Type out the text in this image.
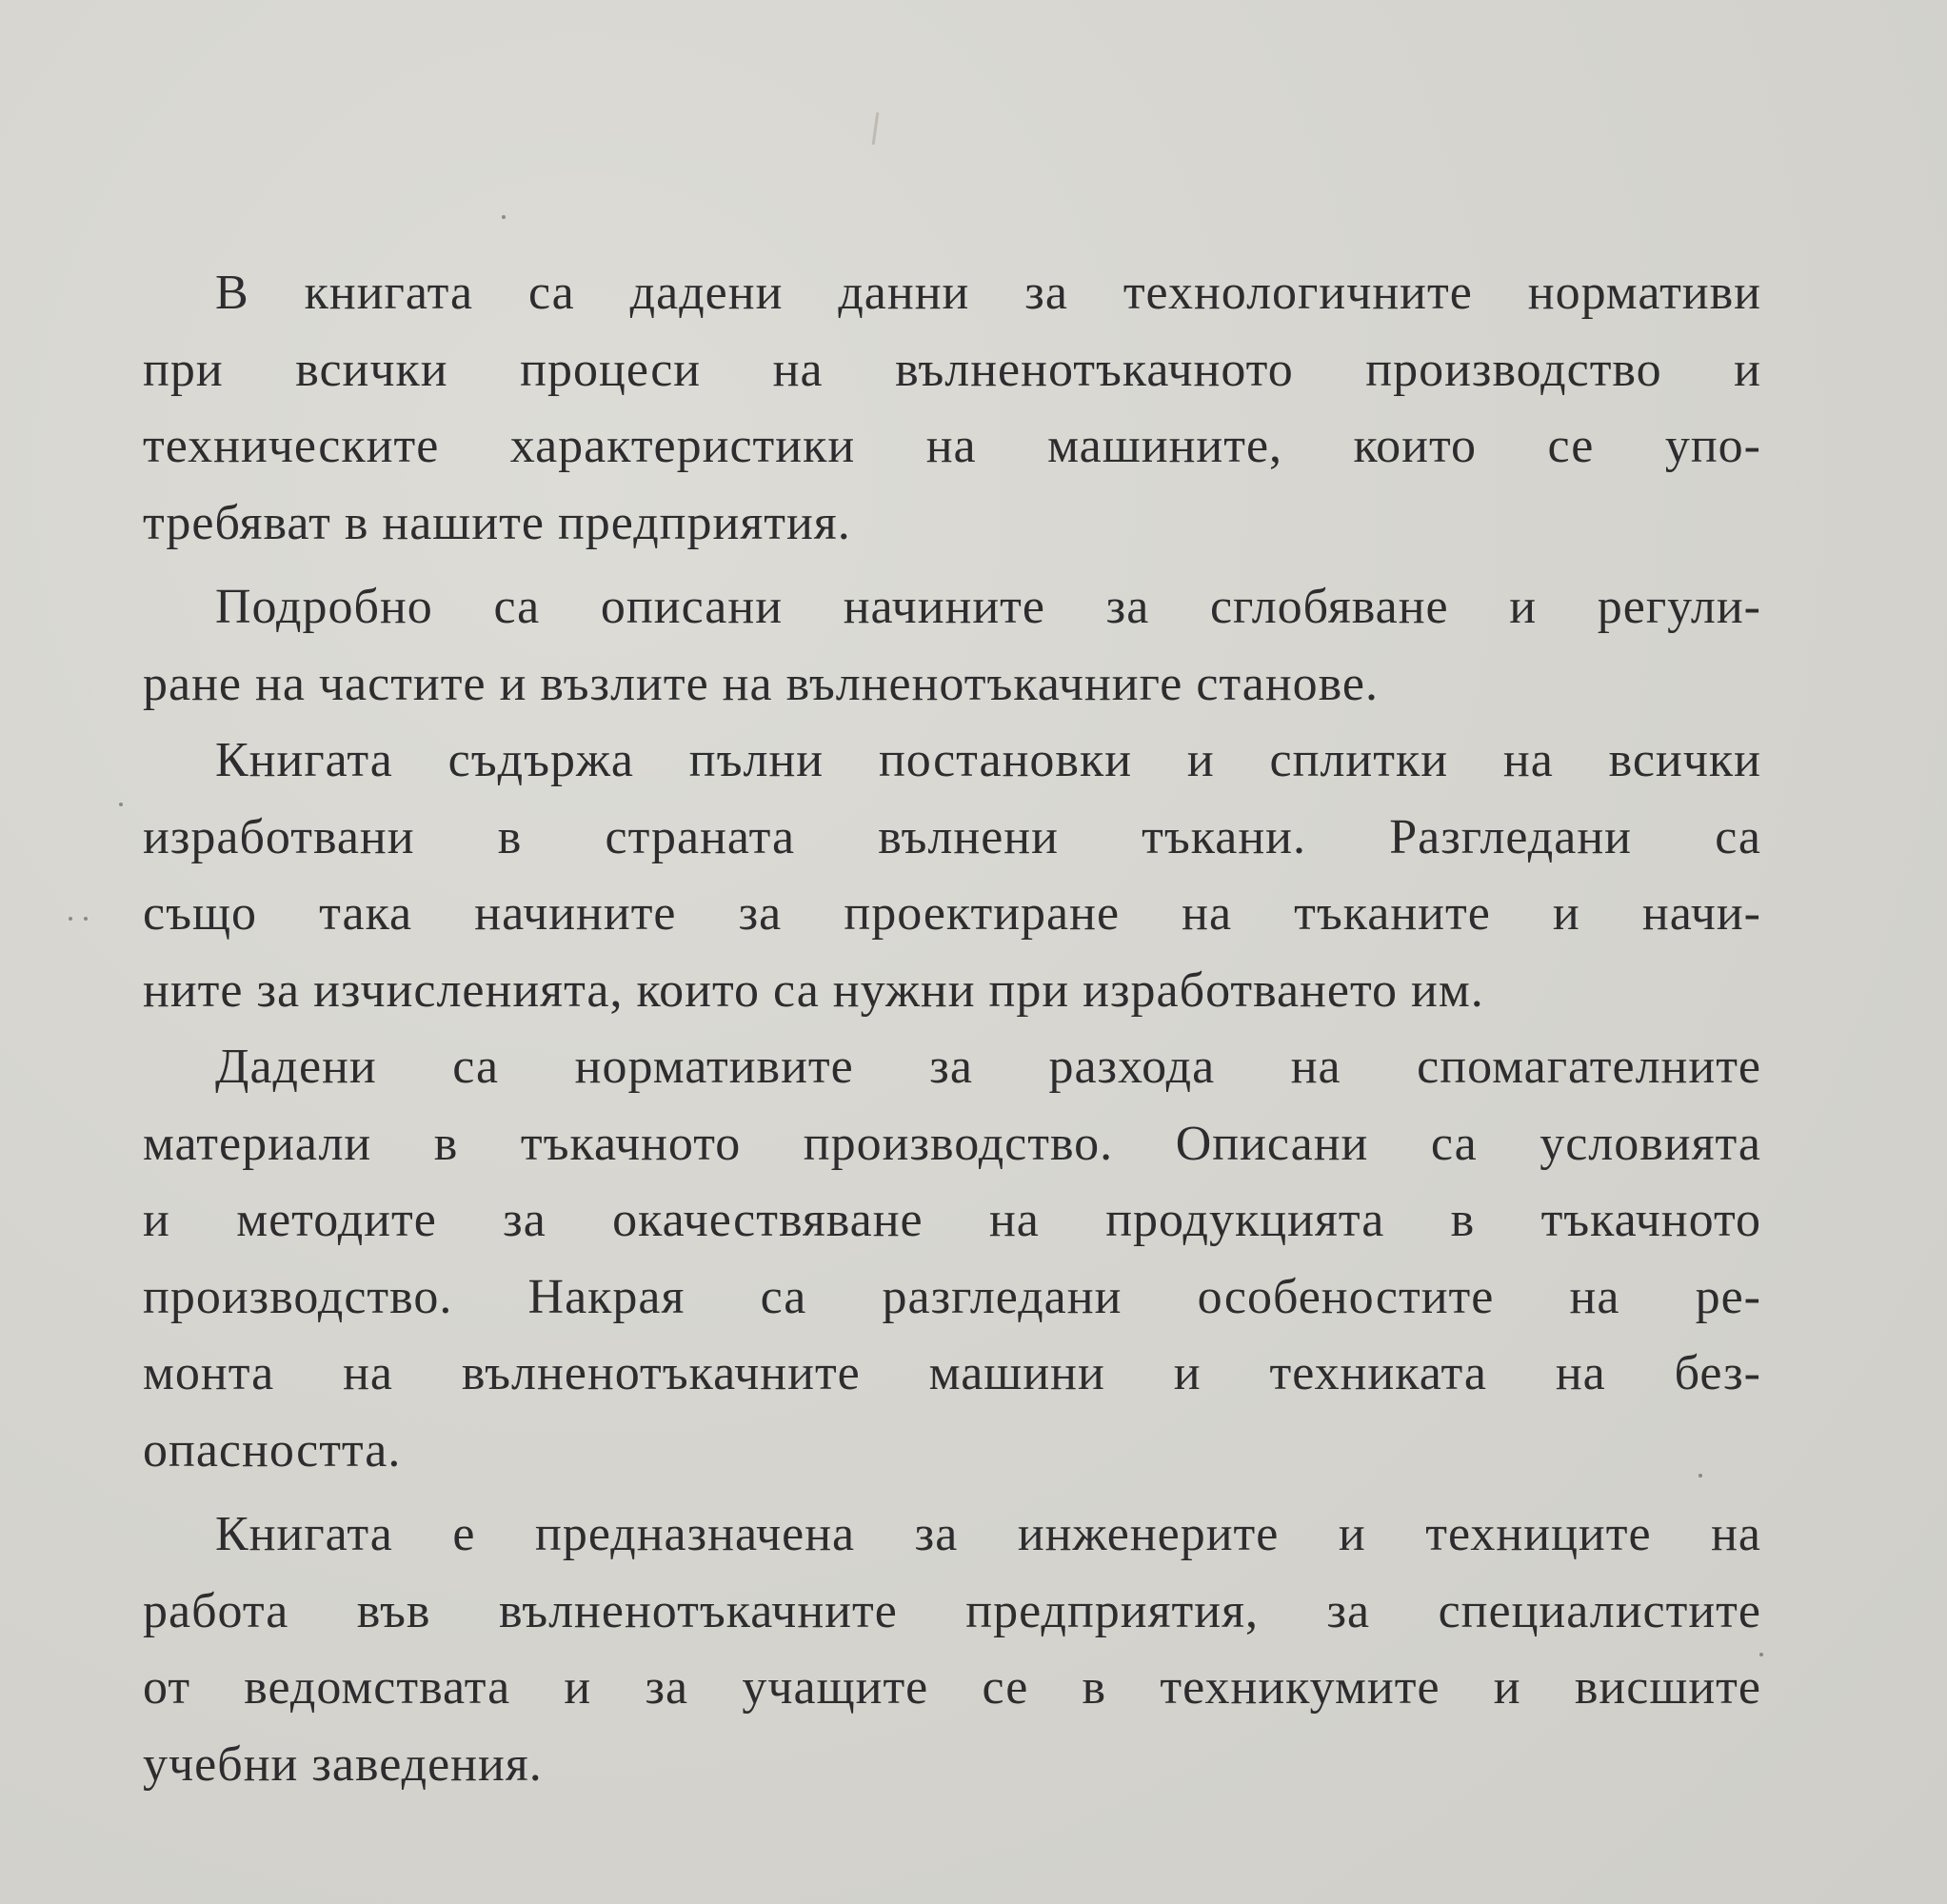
В книгата са дадени данни за технологичните нормативи
при всички процеси на вълненотъкачното производство и
техническите характеристики на машините, които се упо-
требяват в нашите предприятия.
Подробно са описани начините за сглобяване и регули-
ране на частите и възлите на вълненотъкачниге станове.
Книгата съдържа пълни постановки и сплитки на всички
изработвани в страната вълнени тъкани. Разгледани са
също така начините за проектиране на тъканите и начи-
ните за изчисленията, които са нужни при изработването им.
Дадени са нормативите за разхода на спомагателните
материали в тъкачното производство. Описани са условията
и методите за окачествяване на продукцията в тъкачното
производство. Накрая са разгледани особеностите на ре-
монта на вълненотъкачните машини и техниката на без-
опасността.
Книгата е предназначена за инженерите и техниците на
работа във вълненотъкачните предприятия, за специалистите
от ведомствата и за учащите се в техникумите и висшите
учебни заведения.
